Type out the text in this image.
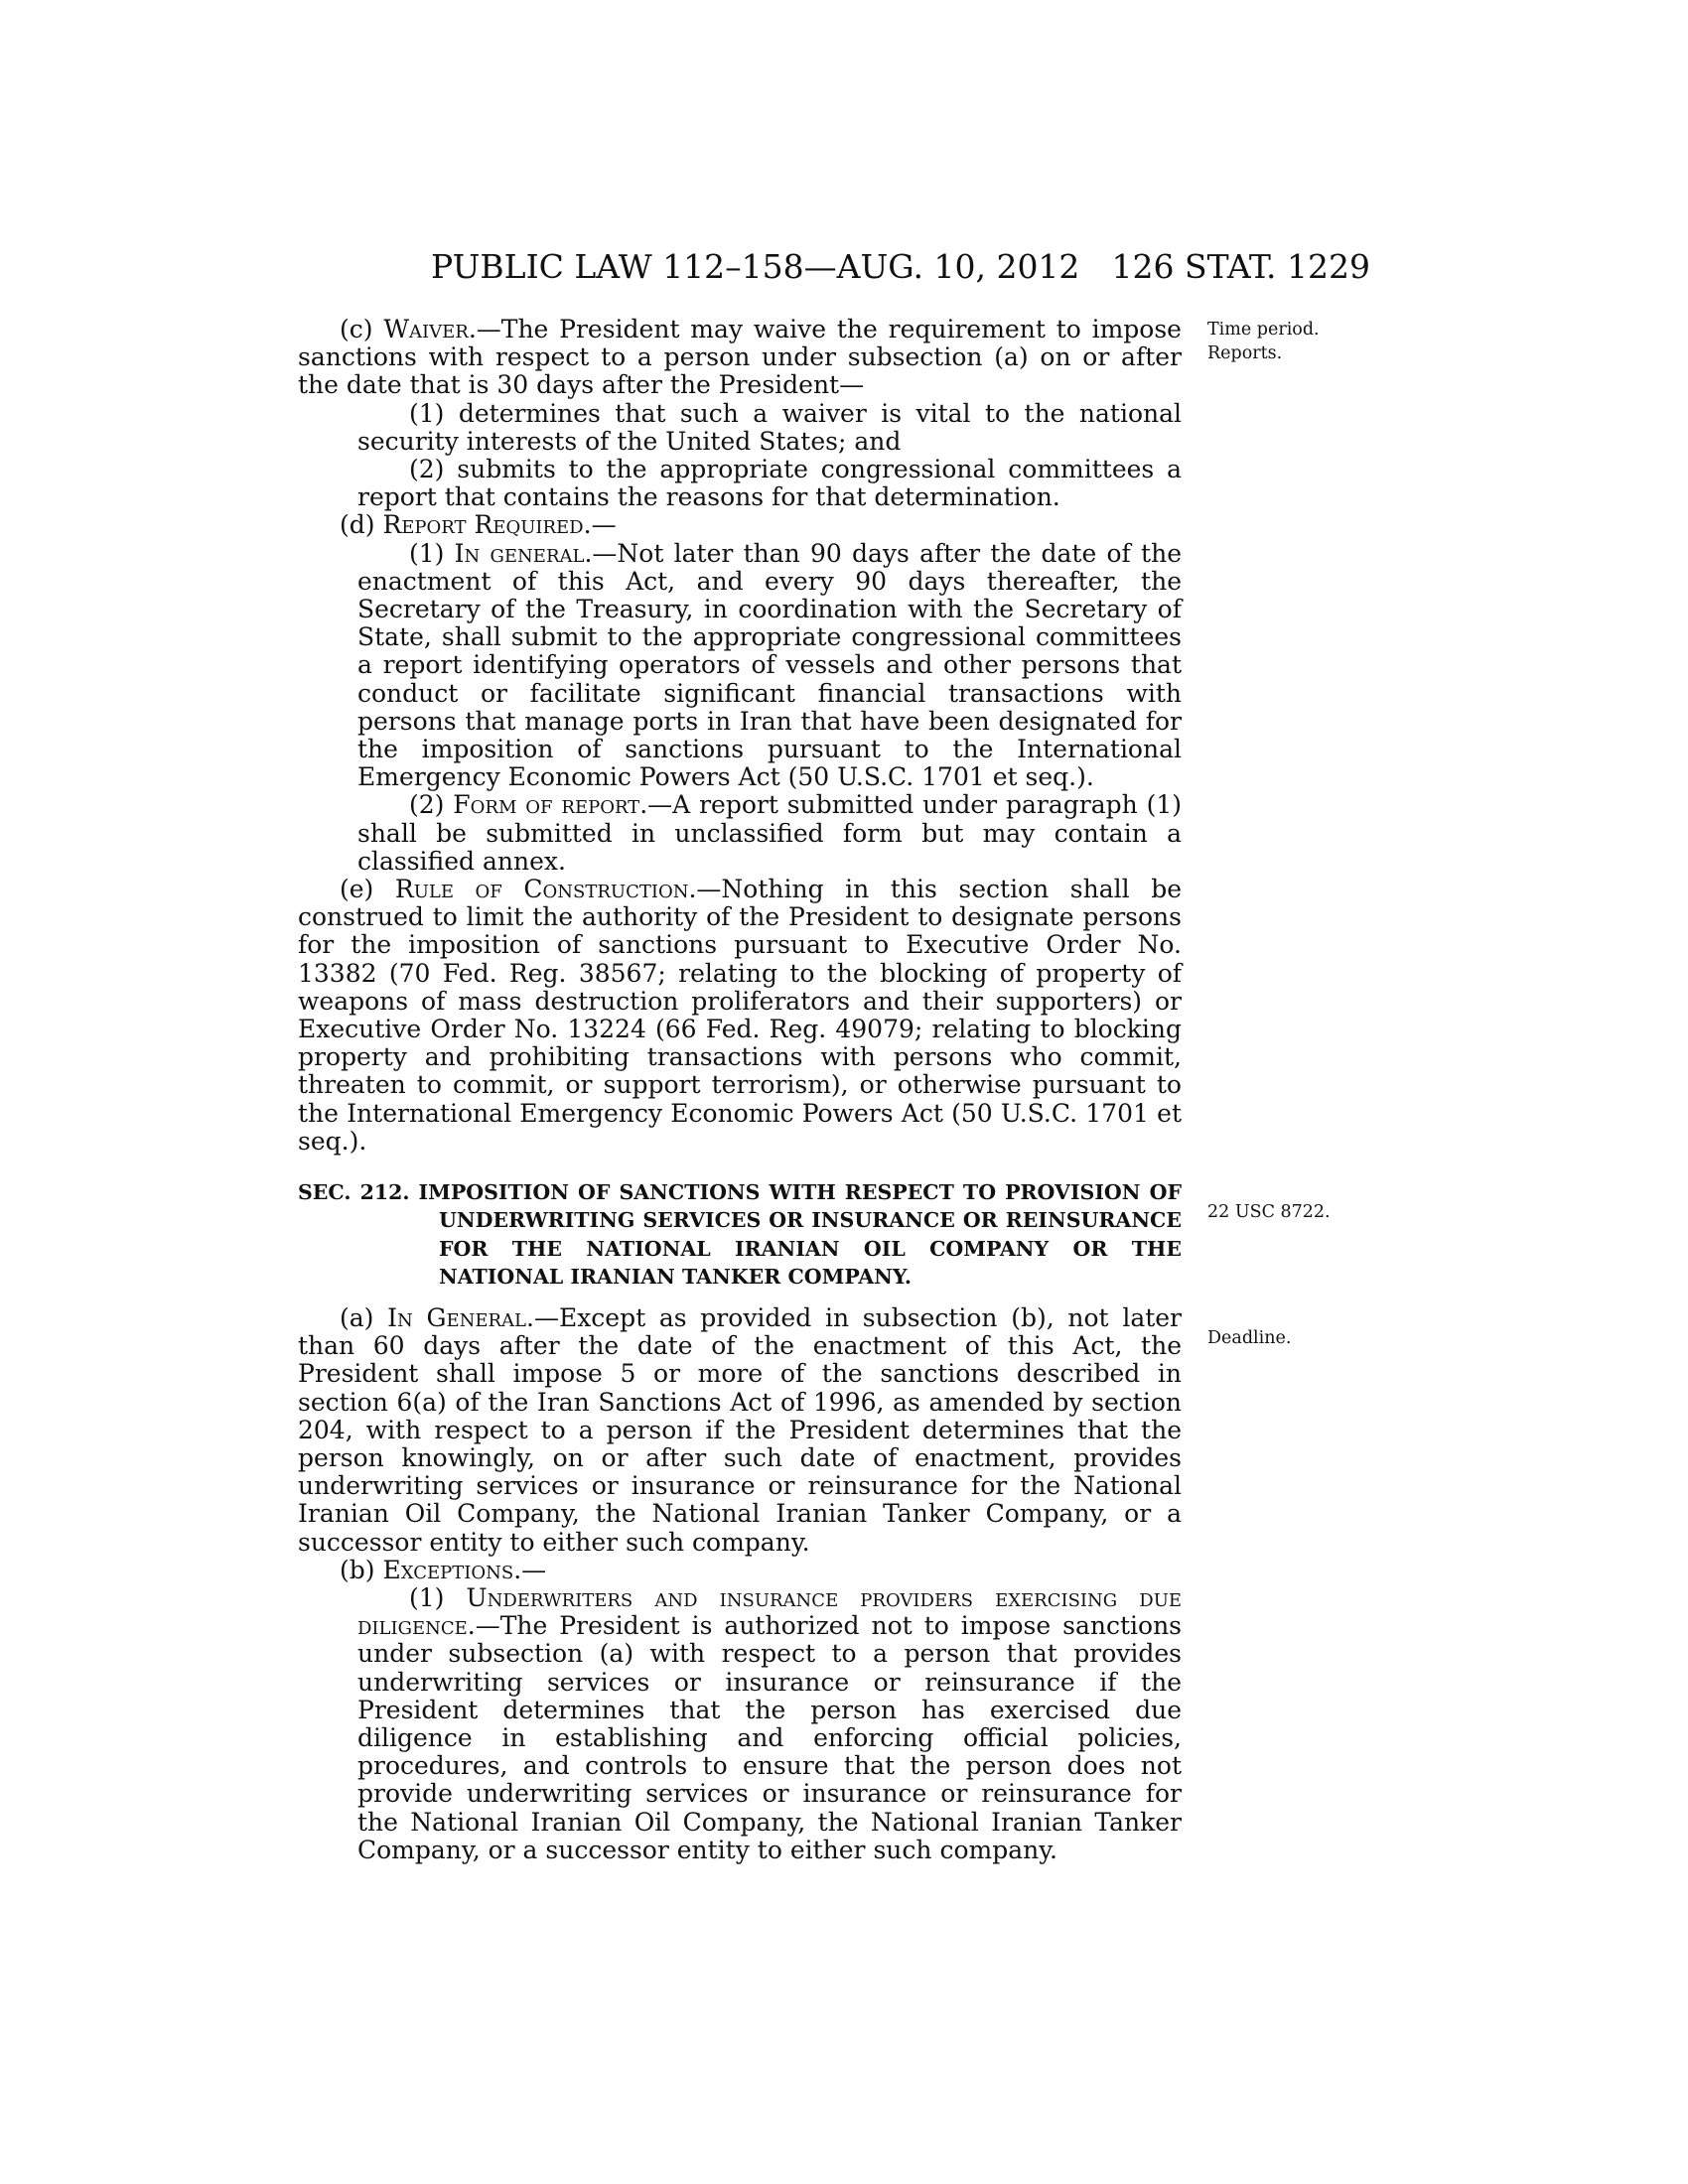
PUBLIC LAW 112–158—AUG. 10, 2012 126 STAT. 1229
Time period.
Reports.
22 USC 8722.
Deadline.

(c) Waiver.—The President may waive the requirement to impose sanctions with respect to a person under subsection (a) on or after the date that is 30 days after the President—

(1) determines that such a waiver is vital to the national security interests of the United States; and

(2) submits to the appropriate congressional committees a report that contains the reasons for that determination.

(d) Report Required.—

(1) In general.—Not later than 90 days after the date of the enactment of this Act, and every 90 days thereafter, the Secretary of the Treasury, in coordination with the Secretary of State, shall submit to the appropriate congressional committees a report identifying operators of vessels and other persons that conduct or facilitate significant financial transactions with persons that manage ports in Iran that have been designated for the imposition of sanctions pursuant to the International Emergency Economic Powers Act (50 U.S.C. 1701 et seq.).

(2) Form of report.—A report submitted under paragraph (1) shall be submitted in unclassified form but may contain a classified annex.

(e) Rule of Construction.—Nothing in this section shall be construed to limit the authority of the President to designate persons for the imposition of sanctions pursuant to Executive Order No. 13382 (70 Fed. Reg. 38567; relating to the blocking of property of weapons of mass destruction proliferators and their supporters) or Executive Order No. 13224 (66 Fed. Reg. 49079; relating to blocking property and prohibiting transactions with persons who commit, threaten to commit, or support terrorism), or otherwise pursuant to the International Emergency Economic Powers Act (50 U.S.C. 1701 et seq.).

SEC. 212. IMPOSITION OF SANCTIONS WITH RESPECT TO PROVISION OF UNDERWRITING SERVICES OR INSURANCE OR REINSURANCE FOR THE NATIONAL IRANIAN OIL COMPANY OR THE NATIONAL IRANIAN TANKER COMPANY.

(a) In General.—Except as provided in subsection (b), not later than 60 days after the date of the enactment of this Act, the President shall impose 5 or more of the sanctions described in section 6(a) of the Iran Sanctions Act of 1996, as amended by section 204, with respect to a person if the President determines that the person knowingly, on or after such date of enactment, provides underwriting services or insurance or reinsurance for the National Iranian Oil Company, the National Iranian Tanker Company, or a successor entity to either such company.

(b) Exceptions.—

(1) Underwriters and insurance providers exercising due diligence.—The President is authorized not to impose sanctions under subsection (a) with respect to a person that provides underwriting services or insurance or reinsurance if the President determines that the person has exercised due diligence in establishing and enforcing official policies, procedures, and controls to ensure that the person does not provide underwriting services or insurance or reinsurance for the National Iranian Oil Company, the National Iranian Tanker Company, or a successor entity to either such company.
